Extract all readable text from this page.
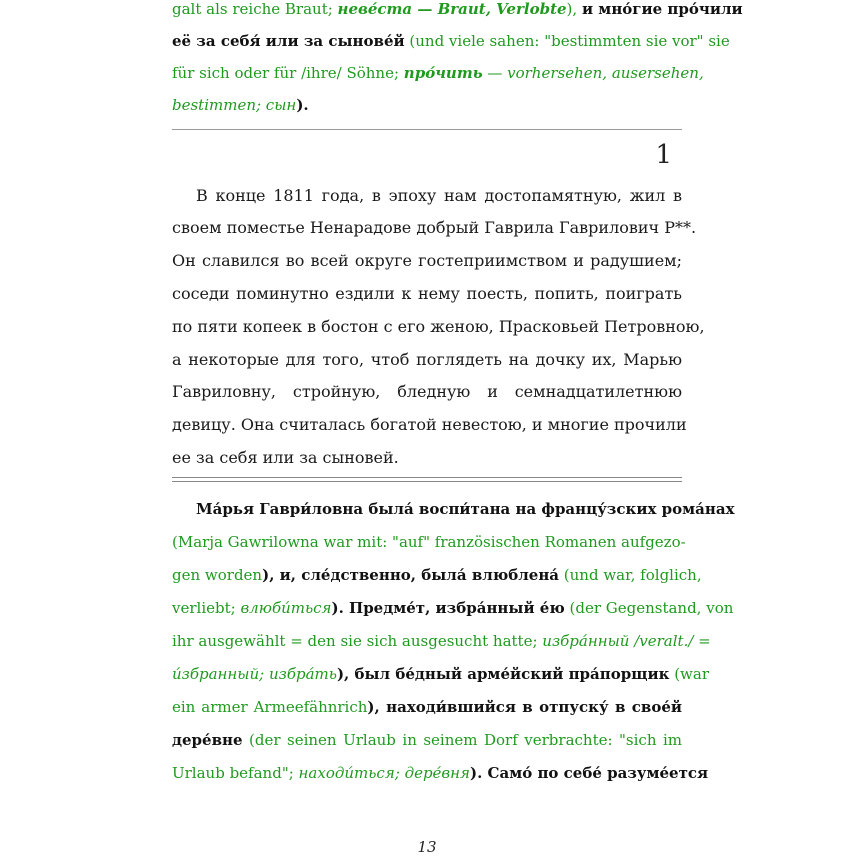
galt als reiche Braut; неве́ста — Braut, Verlobte), и мно́гие про́чили
её за себя́ или за сынове́й (und viele sahen: "bestimmten sie vor" sie
für sich oder für /ihre/ Söhne; про́чить — vorhersehen, ausersehen,
bestimmen; сын).
1
В конце 1811 года, в эпоху нам достопамятную, жил в
своем поместье Ненарадове добрый Гаврила Гаврилович Р**.
Он славился во всей округе гостеприимством и радушием;
соседи поминутно ездили к нему поесть, попить, поиграть
по пяти копеек в бостон с его женою, Прасковьей Петровною,
а некоторые для того, чтоб поглядеть на дочку их, Марью
Гавриловну, стройную, бледную и семнадцатилетнюю
девицу. Она считалась богатой невестою, и многие прочили
ее за себя или за сыновей.
Ма́рья Гаври́ловна была́ воспи́тана на францу́зских рома́нах
(Marja Gawrilowna war mit: "auf" französischen Romanen aufgezo-
gen worden), и, сле́дственно, была́ влюблена́ (und war, folglich,
verliebt; влюби́ться). Предме́т, избра́нный е́ю (der Gegenstand, von
ihr ausgewählt = den sie sich ausgesucht hatte; избра́нный /veralt./ =
и́збранный; избра́ть), был бе́дный арме́йский пра́порщик (war
ein armer Armeefähnrich), находи́вшийся в отпуску́ в свое́й
дере́вне (der seinen Urlaub in seinem Dorf verbrachte: "sich im
Urlaub befand"; находи́ться; дере́вня). Само́ по себе́ разуме́ется
13
